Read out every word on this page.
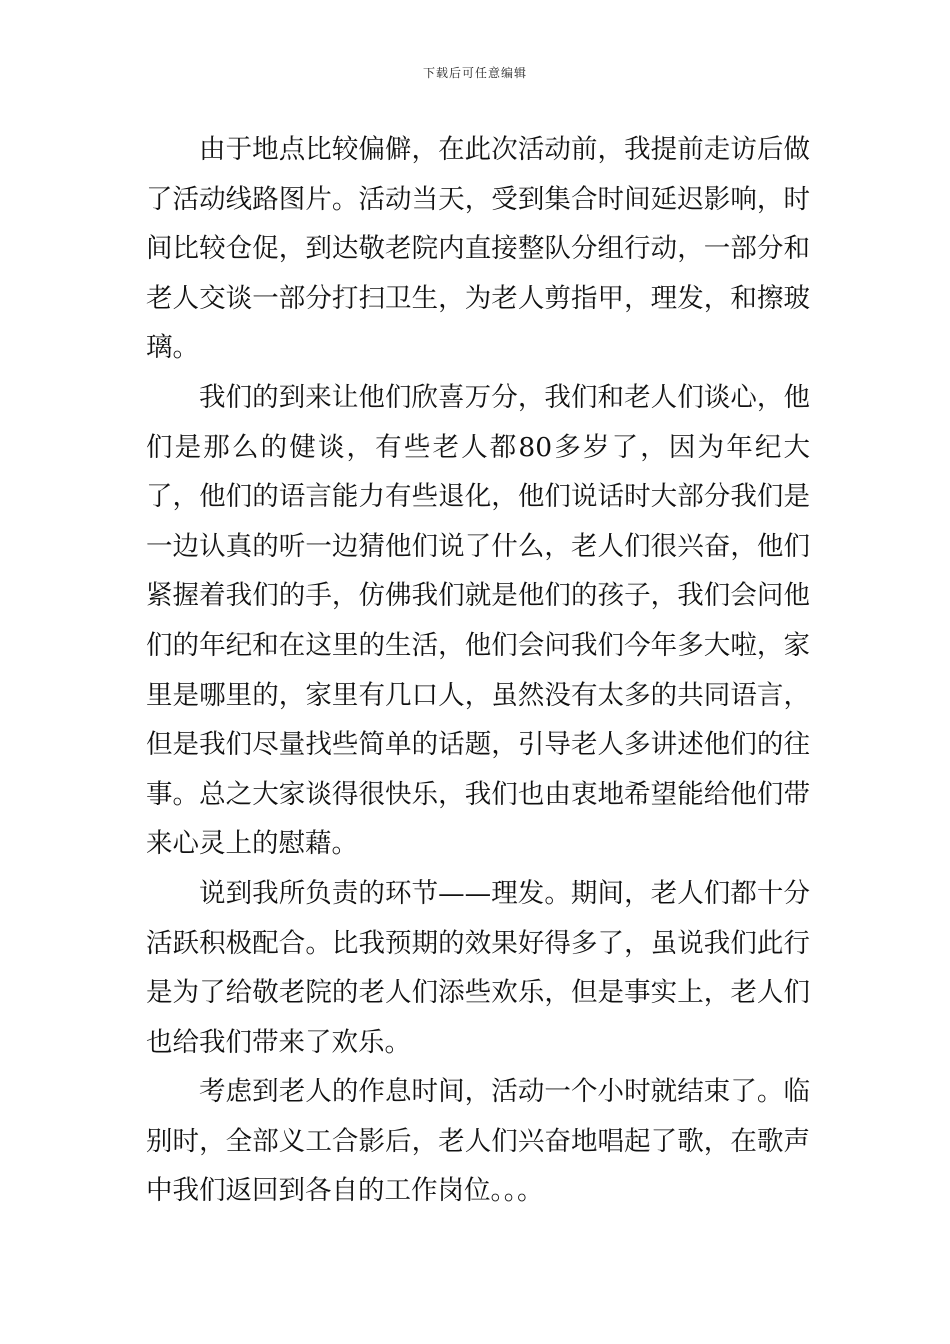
下载后可任意编辑

由于地点比较偏僻，在此次活动前，我提前走访后做了活动线路图片。活动当天，受到集合时间延迟影响，时间比较仓促，到达敬老院内直接整队分组行动，一部分和老人交谈一部分打扫卫生，为老人剪指甲，理发，和擦玻璃。

我们的到来让他们欣喜万分，我们和老人们谈心，他们是那么的健谈，有些老人都80多岁了，因为年纪大了，他们的语言能力有些退化，他们说话时大部分我们是一边认真的听一边猜他们说了什么，老人们很兴奋，他们紧握着我们的手，仿佛我们就是他们的孩子，我们会问他们的年纪和在这里的生活，他们会问我们今年多大啦，家里是哪里的，家里有几口人，虽然没有太多的共同语言，但是我们尽量找些简单的话题，引导老人多讲述他们的往事。总之大家谈得很快乐，我们也由衷地希望能给他们带来心灵上的慰藉。

说到我所负责的环节——理发。期间，老人们都十分活跃积极配合。比我预期的效果好得多了，虽说我们此行是为了给敬老院的老人们添些欢乐，但是事实上，老人们也给我们带来了欢乐。

考虑到老人的作息时间，活动一个小时就结束了。临别时，全部义工合影后，老人们兴奋地唱起了歌，在歌声中我们返回到各自的工作岗位。。。
